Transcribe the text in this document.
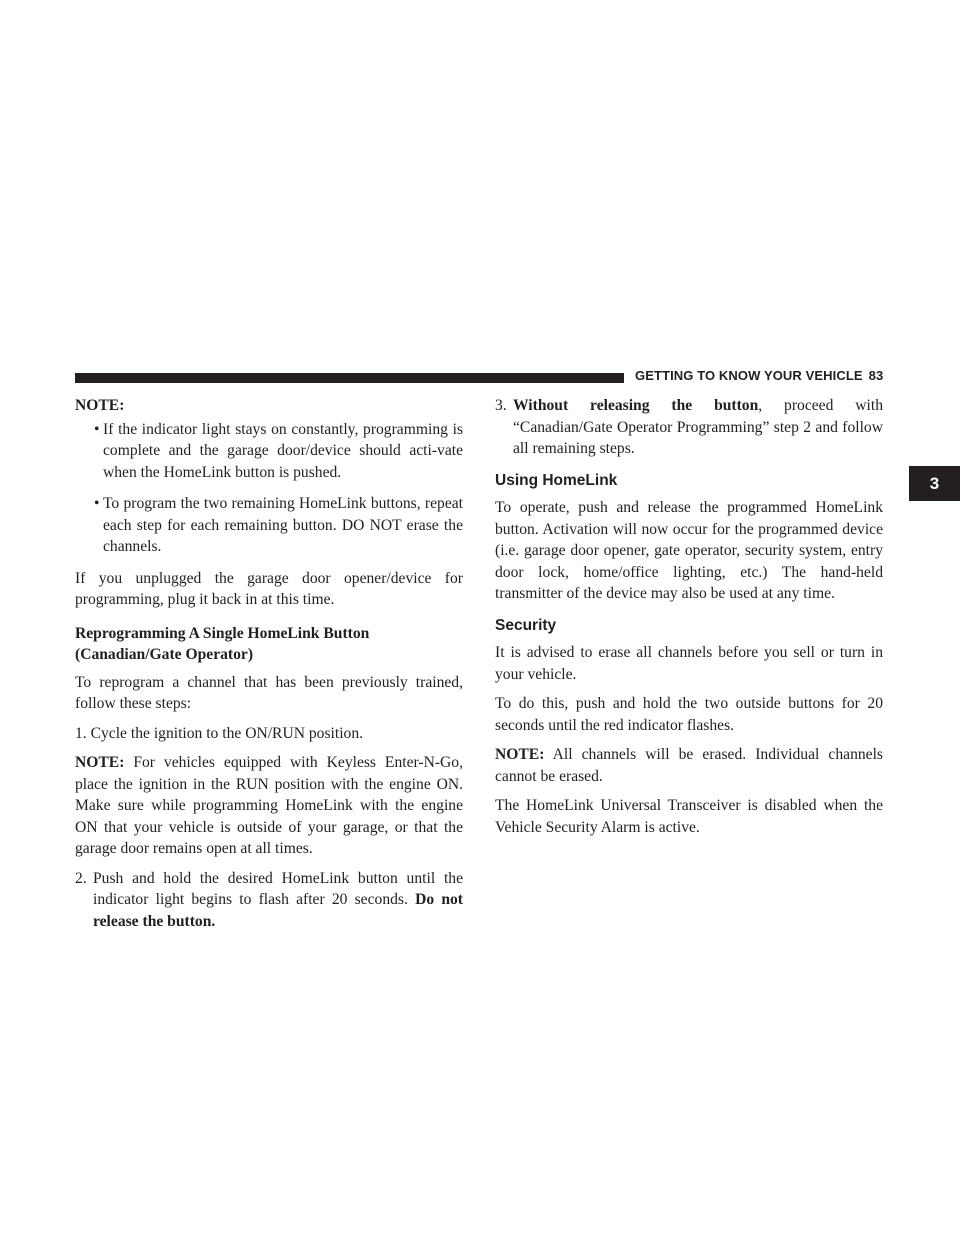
GETTING TO KNOW YOUR VEHICLE 83
3

NOTE:

• If the indicator light stays on constantly, programming is complete and the garage door/device should acti-vate when the HomeLink button is pushed.
• To program the two remaining HomeLink buttons, repeat each step for each remaining button. DO NOT erase the channels.

If you unplugged the garage door opener/device for programming, plug it back in at this time.

Reprogramming A Single HomeLink Button
(Canadian/Gate Operator)

To reprogram a channel that has been previously trained, follow these steps:

1. Cycle the ignition to the ON/RUN position.

NOTE: For vehicles equipped with Keyless Enter-N-Go, place the ignition in the RUN position with the engine ON. Make sure while programming HomeLink with the engine ON that your vehicle is outside of your garage, or that the garage door remains open at all times.

2. Push and hold the desired HomeLink button until the indicator light begins to flash after 20 seconds. Do not release the button.
3. Without releasing the button, proceed with “Canadian/Gate Operator Programming” step 2 and follow all remaining steps.
Using HomeLink

To operate, push and release the programmed HomeLink button. Activation will now occur for the programmed device (i.e. garage door opener, gate operator, security system, entry door lock, home/office lighting, etc.) The hand-held transmitter of the device may also be used at any time.

Security

It is advised to erase all channels before you sell or turn in your vehicle.

To do this, push and hold the two outside buttons for 20 seconds until the red indicator flashes.

NOTE: All channels will be erased. Individual channels cannot be erased.

The HomeLink Universal Transceiver is disabled when the Vehicle Security Alarm is active.
